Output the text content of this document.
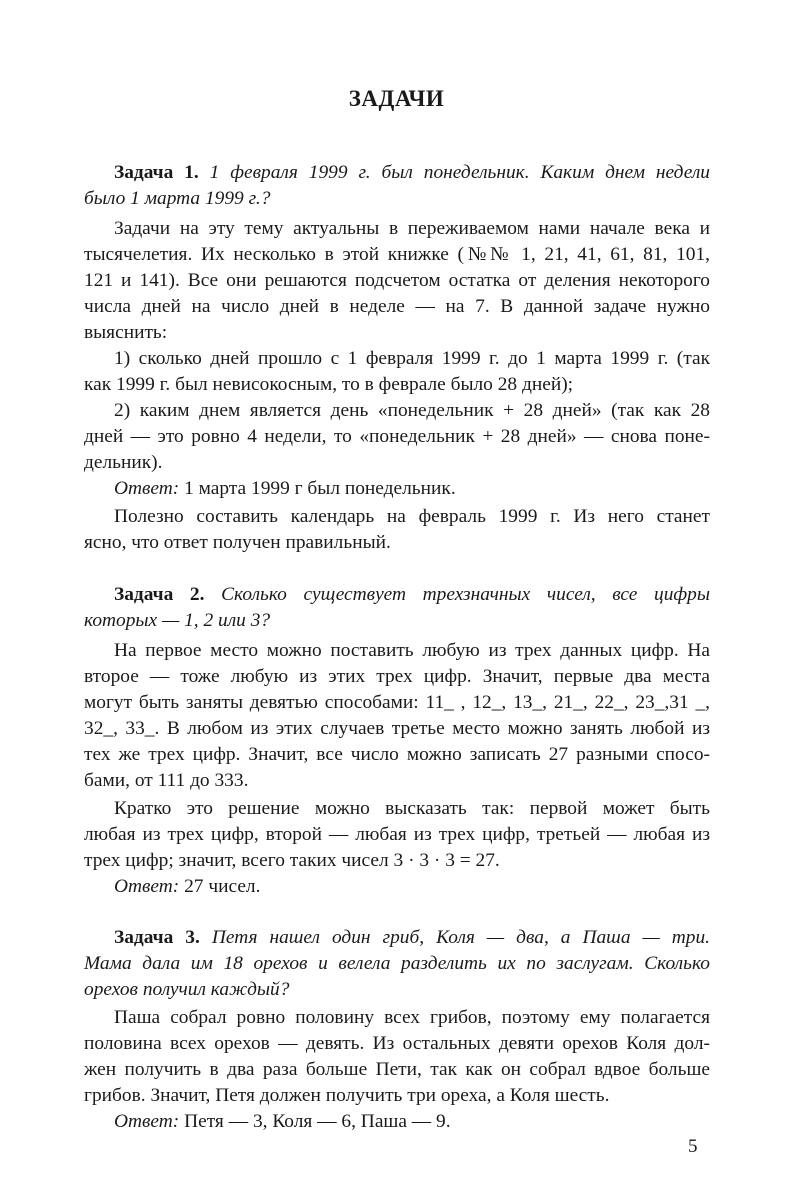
ЗАДАЧИ
Задача 1. 1 февраля 1999 г. был понедельник. Каким днем недели
было 1 марта 1999 г.?
Задачи на эту тему актуальны в переживаемом нами начале века и
тысячелетия. Их несколько в этой книжке (№№ 1, 21, 41, 61, 81, 101,
121 и 141). Все они решаются подсчетом остатка от деления некоторого
числа дней на число дней в неделе — на 7. В данной задаче нужно
выяснить:
1) сколько дней прошло с 1 февраля 1999 г. до 1 марта 1999 г. (так
как 1999 г. был невисокосным, то в феврале было 28 дней);
2) каким днем является день «понедельник + 28 дней» (так как 28
дней — это ровно 4 недели, то «понедельник + 28 дней» — снова поне-
дельник).
Ответ: 1 марта 1999 г был понедельник.
Полезно составить календарь на февраль 1999 г. Из него станет
ясно, что ответ получен правильный.
Задача 2. Сколько существует трехзначных чисел, все цифры
которых — 1, 2 или 3?
На первое место можно поставить любую из трех данных цифр. На
второе — тоже любую из этих трех цифр. Значит, первые два места
могут быть заняты девятью способами: 11_ , 12_, 13_, 21_, 22_, 23_,31 _,
32_, 33_. В любом из этих случаев третье место можно занять любой из
тех же трех цифр. Значит, все число можно записать 27 разными спосо-
бами, от 111 до 333.
Кратко это решение можно высказать так: первой может быть
любая из трех цифр, второй — любая из трех цифр, третьей — любая из
трех цифр; значит, всего таких чисел 3 · 3 · 3 = 27.
Ответ: 27 чисел.
Задача 3. Петя нашел один гриб, Коля — два, а Паша — три.
Мама дала им 18 орехов и велела разделить их по заслугам. Сколько
орехов получил каждый?
Паша собрал ровно половину всех грибов, поэтому ему полагается
половина всех орехов — девять. Из остальных девяти орехов Коля дол-
жен получить в два раза больше Пети, так как он собрал вдвое больше
грибов. Значит, Петя должен получить три ореха, а Коля шесть.
Ответ: Петя — 3, Коля — 6, Паша — 9.
5
